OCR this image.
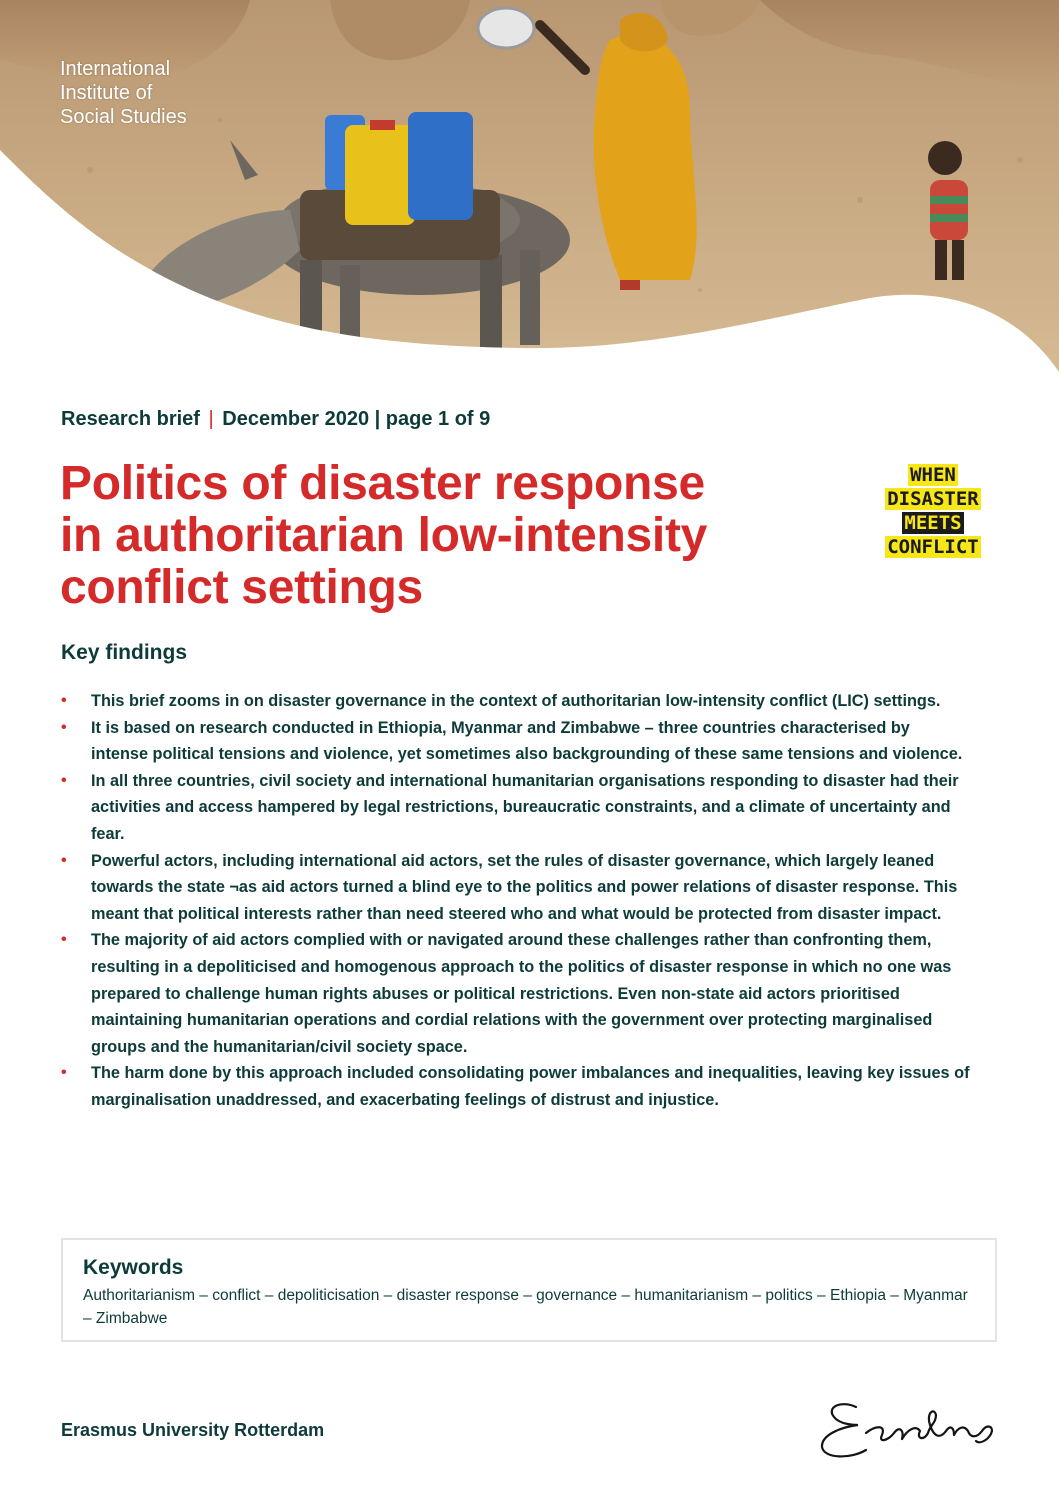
International
Institute of
Social Studies
Research brief | December 2020 | page 1 of 9
Politics of disaster response
in authoritarian low-intensity
conflict settings
WHEN
DISASTER
MEETS
CONFLICT
Key findings
• This brief zooms in on disaster governance in the context of authoritarian low-intensity conflict (LIC) settings.
• It is based on research conducted in Ethiopia, Myanmar and Zimbabwe – three countries characterised by intense political tensions and violence, yet sometimes also backgrounding of these same tensions and violence.
• In all three countries, civil society and international humanitarian organisations responding to disaster had their activities and access hampered by legal restrictions, bureaucratic constraints, and a climate of uncertainty and fear.
• Powerful actors, including international aid actors, set the rules of disaster governance, which largely leaned towards the state ¬as aid actors turned a blind eye to the politics and power relations of disaster response. This meant that political interests rather than need steered who and what would be protected from disaster impact.
• The majority of aid actors complied with or navigated around these challenges rather than confronting them, resulting in a depoliticised and homogenous approach to the politics of disaster response in which no one was prepared to challenge human rights abuses or political restrictions. Even non-state aid actors prioritised maintaining humanitarian operations and cordial relations with the government over protecting marginalised groups and the humanitarian/civil society space.
• The harm done by this approach included consolidating power imbalances and inequalities, leaving key issues of marginalisation unaddressed, and exacerbating feelings of distrust and injustice.
Keywords
Authoritarianism – conflict – depoliticisation – disaster response – governance – humanitarianism – politics – Ethiopia – Myanmar – Zimbabwe
Erasmus University Rotterdam
